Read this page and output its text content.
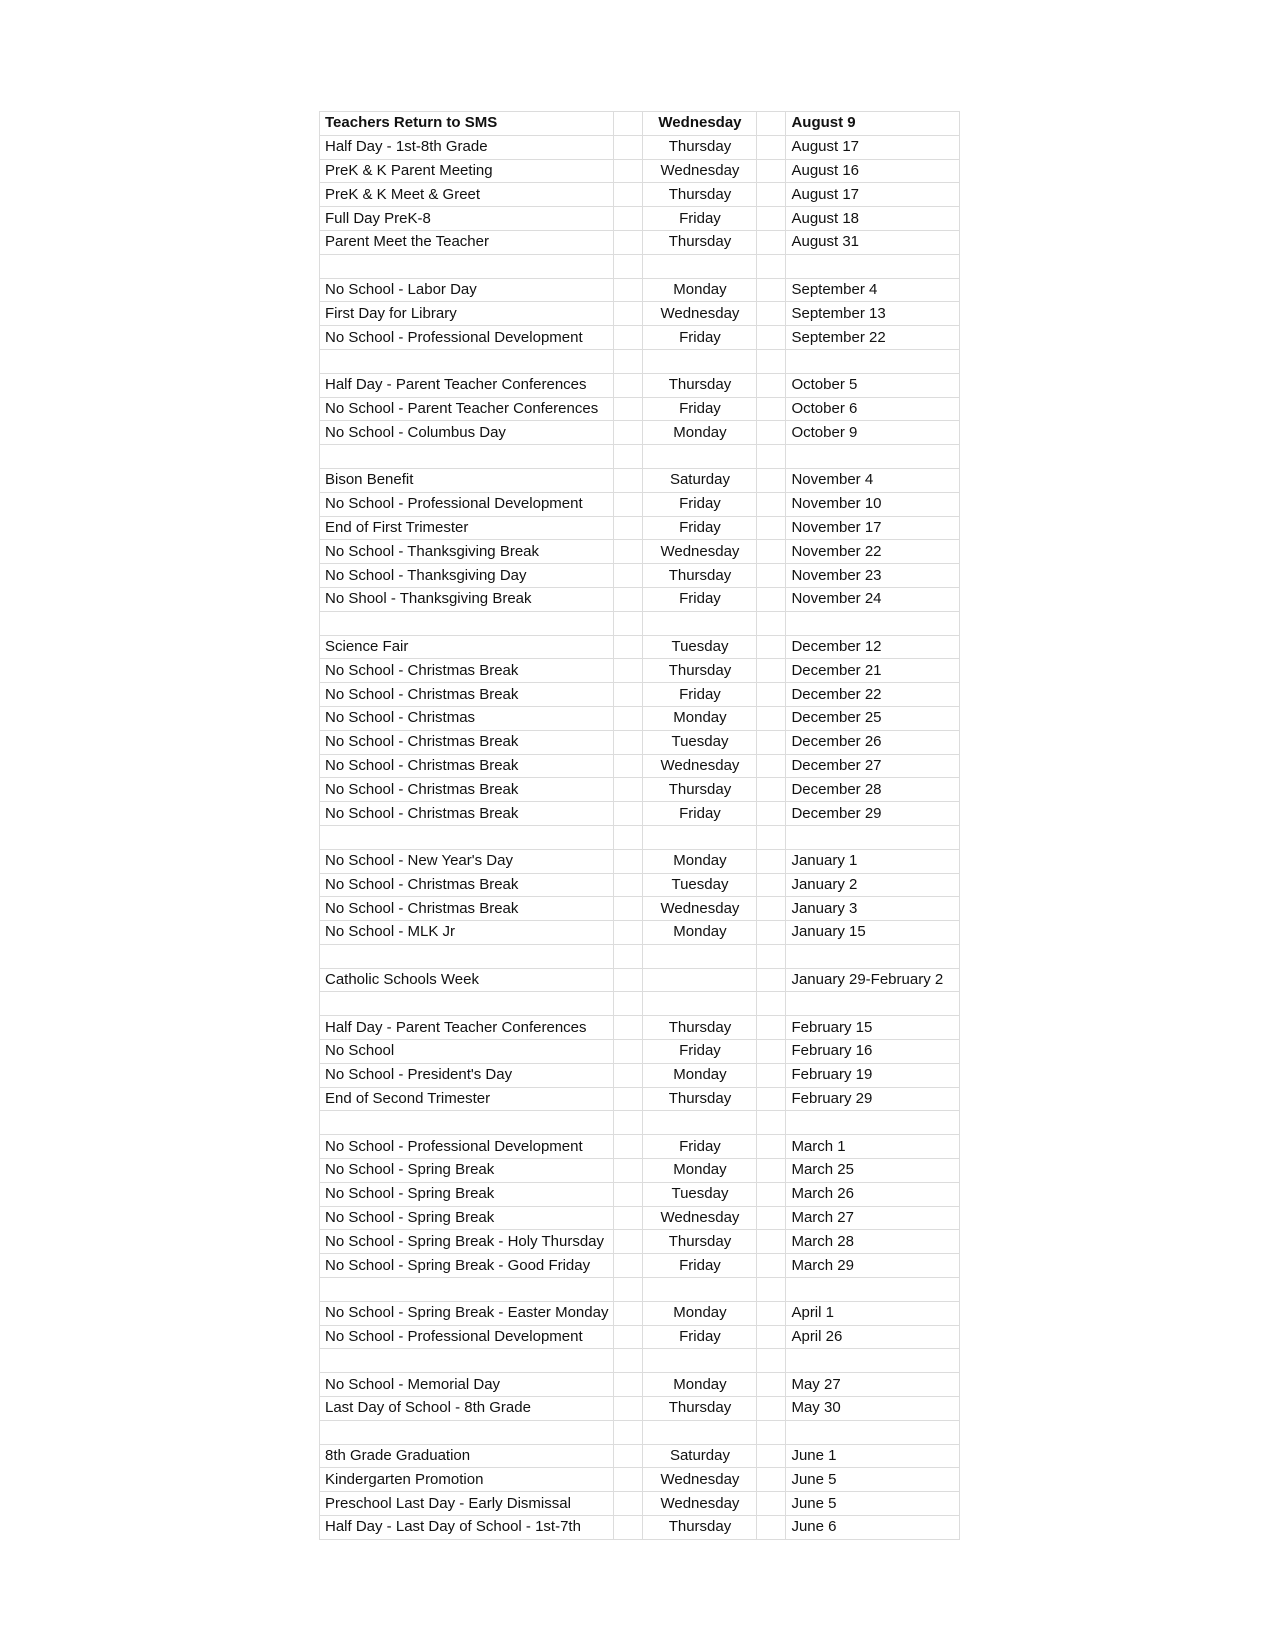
Teachers Return to SMS		Wednesday		August 9
Half Day - 1st-8th Grade		Thursday		August 17
PreK & K Parent Meeting		Wednesday		August 16
PreK & K Meet & Greet		Thursday		August 17
Full Day PreK-8		Friday		August 18
Parent Meet the Teacher		Thursday		August 31

No School - Labor Day		Monday		September 4
First Day for Library		Wednesday		September 13
No School - Professional Development		Friday		September 22

Half Day - Parent Teacher Conferences		Thursday		October 5
No School - Parent Teacher Conferences		Friday		October 6
No School - Columbus Day		Monday		October 9

Bison Benefit		Saturday		November 4
No School - Professional Development		Friday		November 10
End of First Trimester		Friday		November 17
No School - Thanksgiving Break		Wednesday		November 22
No School - Thanksgiving Day		Thursday		November 23
No Shool - Thanksgiving Break		Friday		November 24

Science Fair		Tuesday		December 12
No School - Christmas Break		Thursday		December 21
No School - Christmas Break		Friday		December 22
No School - Christmas		Monday		December 25
No School - Christmas Break		Tuesday		December 26
No School - Christmas Break		Wednesday		December 27
No School - Christmas Break		Thursday		December 28
No School - Christmas Break		Friday		December 29

No School - New Year's Day		Monday		January 1
No School - Christmas Break		Tuesday		January 2
No School - Christmas Break		Wednesday		January 3
No School - MLK Jr		Monday		January 15

Catholic Schools Week				January 29-February 2

Half Day - Parent Teacher Conferences		Thursday		February 15
No School		Friday		February 16
No School - President's Day		Monday		February 19
End of Second Trimester		Thursday		February 29

No School - Professional Development		Friday		March 1
No School - Spring Break		Monday		March 25
No School - Spring Break		Tuesday		March 26
No School - Spring Break		Wednesday		March 27
No School - Spring Break - Holy Thursday		Thursday		March 28
No School - Spring Break - Good Friday		Friday		March 29

No School - Spring Break - Easter Monday		Monday		April 1
No School - Professional Development		Friday		April 26

No School - Memorial Day		Monday		May 27
Last Day of School - 8th Grade		Thursday		May 30

8th Grade Graduation		Saturday		June 1
Kindergarten Promotion		Wednesday		June 5
Preschool Last Day - Early Dismissal		Wednesday		June 5
Half Day - Last Day of School - 1st-7th		Thursday		June 6
